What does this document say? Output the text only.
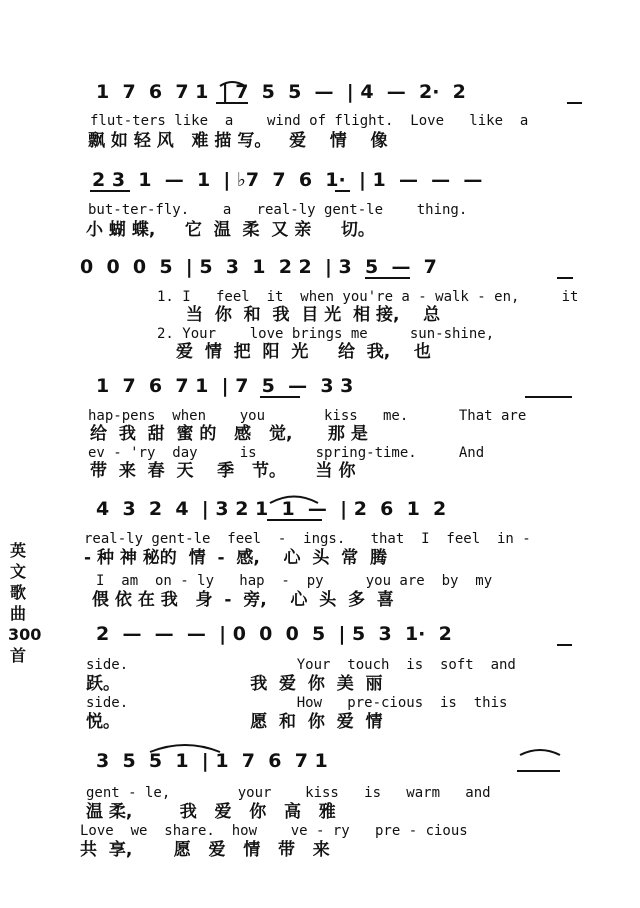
1  7  6  7 1  | 7  5  5  —  | 4  —  2·  2
flut-ters like  a    wind of flight.  Love   like  a
飘 如 轻 风   难 描 写。   爱    情    像
2 3  1  —  1  | ♭7  7  6  1·  | 1  —  —  —
but-ter-fly.    a   real-ly gent-le    thing.
小 蝴 蝶,     它  温  柔  又 亲     切。
0  0  0  5  | 5  3  1  2 2  | 3  5  —  7
1. I   feel  it  when you're a - walk - en,     it
当  你  和  我  目 光  相 接,    总
2. Your    love brings me     sun-shine,
爱  情  把  阳  光     给  我,    也
1  7  6  7 1  | 7  5  —  3 3
hap-pens  when    you       kiss   me.      That are
给  我  甜  蜜 的   感   觉,      那 是
ev - 'ry  day     is       spring-time.     And
带  来  春  天    季   节。     当 你
4  3  2  4  | 3 2 1  1  —  | 2  6  1  2
real-ly gent-le  feel  -  ings.   that  I  feel  in -
- 种 神 秘的  情  -  感,    心  头  常  腾
I  am  on - ly   hap  -  py     you are  by  my
偎 依 在 我   身  -  旁,    心  头  多  喜
2  —  —  —  | 0  0  0  5  | 5  3  1·  2
side.                    Your  touch  is  soft  and
跃。                      我  爱  你  美  丽
side.                    How   pre-cious  is  this
悦。                      愿  和  你  爱  情
3  5  5  1  | 1  7  6  7 1
gent - le,        your    kiss   is   warm   and
温 柔,        我   爱   你   高   雅
Love  we  share.  how    ve - ry   pre - cious
共  享,       愿   爱   情   带   来
英文歌曲300首
